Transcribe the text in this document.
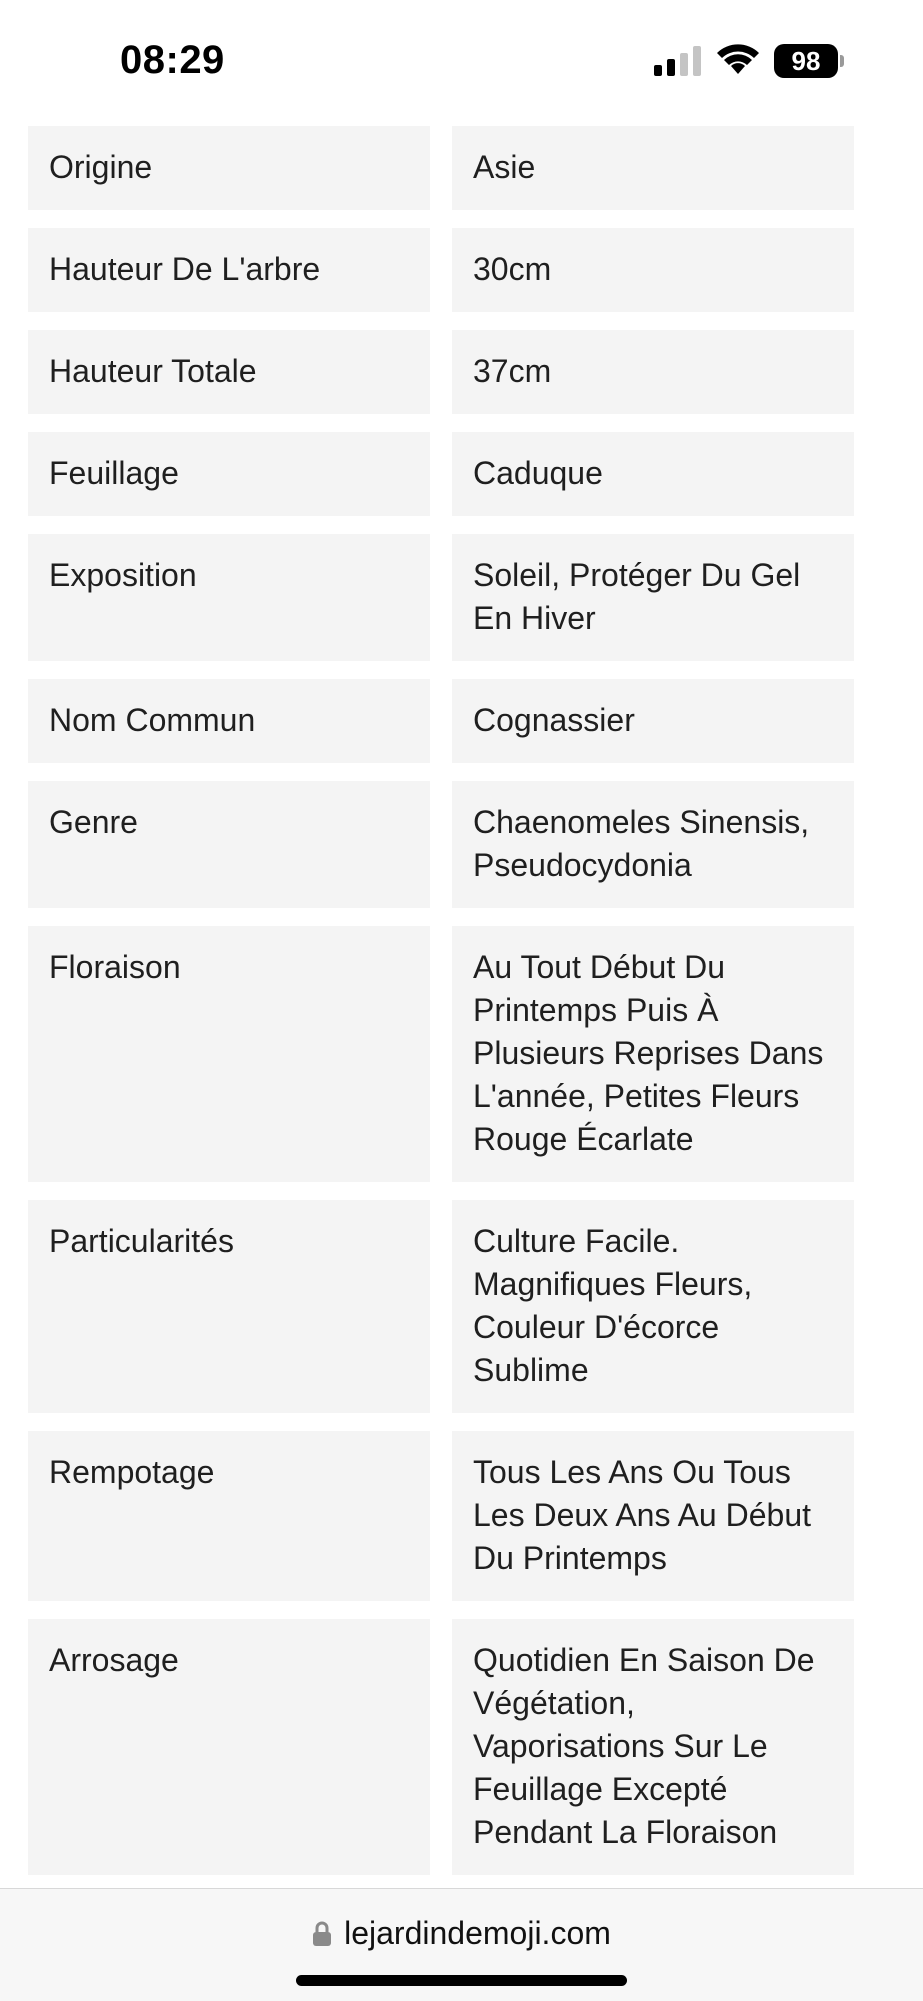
08:29	98
Origine	Asie
Hauteur De L'arbre	30cm
Hauteur Totale	37cm
Feuillage	Caduque
Exposition	Soleil, Protéger Du Gel En Hiver
Nom Commun	Cognassier
Genre	Chaenomeles Sinensis, Pseudocydonia
Floraison	Au Tout Début Du Printemps Puis À Plusieurs Reprises Dans L'année, Petites Fleurs Rouge Écarlate
Particularités	Culture Facile. Magnifiques Fleurs, Couleur D'écorce Sublime
Rempotage	Tous Les Ans Ou Tous Les Deux Ans Au Début Du Printemps
Arrosage	Quotidien En Saison De Végétation, Vaporisations Sur Le Feuillage Excepté Pendant La Floraison
lejardindemoji.com
